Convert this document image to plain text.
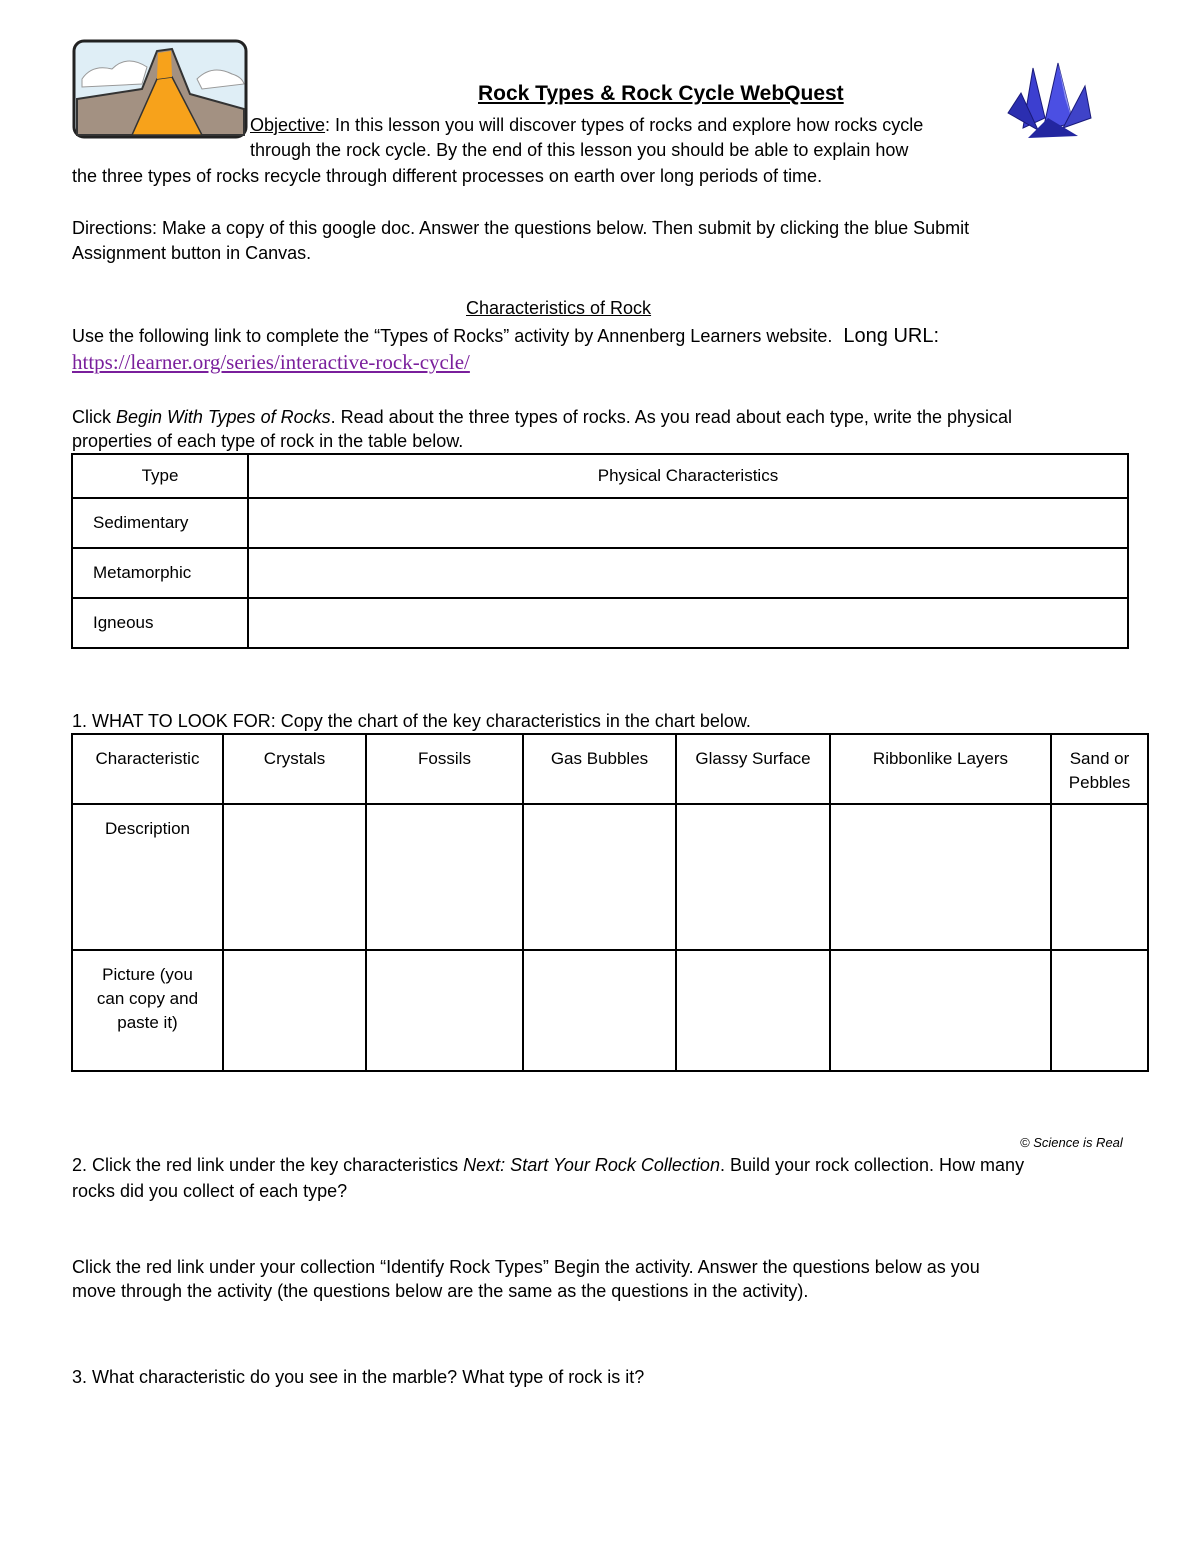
Rock Types & Rock Cycle WebQuest
Objective: In this lesson you will discover types of rocks and explore how rocks cycle
through the rock cycle. By the end of this lesson you should be able to explain how
the three types of rocks recycle through different processes on earth over long periods of time.
Directions: Make a copy of this google doc. Answer the questions below. Then submit by clicking the blue Submit
Assignment button in Canvas.
Characteristics of Rock
Use the following link to complete the “Types of Rocks” activity by Annenberg Learners website. Long URL:
https://learner.org/series/interactive-rock-cycle/
Click Begin With Types of Rocks. Read about the three types of rocks. As you read about each type, write the physical
properties of each type of rock in the table below.
Type	Physical Characteristics
Sedimentary	
Metamorphic	
Igneous	
1. WHAT TO LOOK FOR: Copy the chart of the key characteristics in the chart below.
Characteristic	Crystals	Fossils	Gas Bubbles	Glassy Surface	Ribbonlike Layers	Sand or Pebbles
Description						
Picture (you can copy and paste it)						
© Science is Real
2. Click the red link under the key characteristics Next: Start Your Rock Collection. Build your rock collection. How many
rocks did you collect of each type?
Click the red link under your collection “Identify Rock Types” Begin the activity. Answer the questions below as you
move through the activity (the questions below are the same as the questions in the activity).
3. What characteristic do you see in the marble? What type of rock is it?
